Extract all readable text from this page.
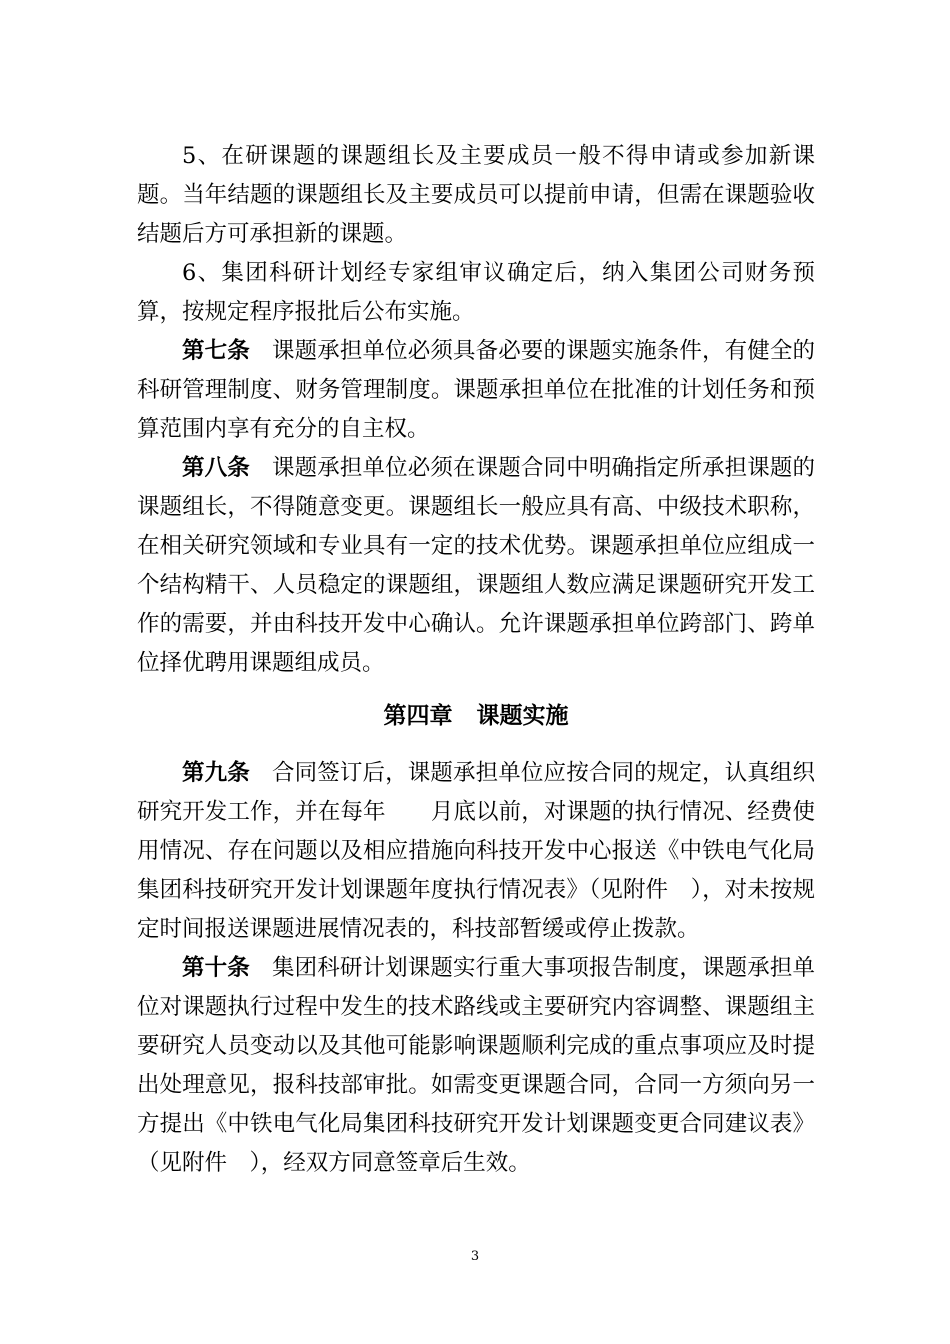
5、在研课题的课题组长及主要成员一般不得申请或参加新课题。当年结题的课题组长及主要成员可以提前申请，但需在课题验收结题后方可承担新的课题。

6、集团科研计划经专家组审议确定后，纳入集团公司财务预算，按规定程序报批后公布实施。

第七条 课题承担单位必须具备必要的课题实施条件，有健全的科研管理制度、财务管理制度。课题承担单位在批准的计划任务和预算范围内享有充分的自主权。

第八条 课题承担单位必须在课题合同中明确指定所承担课题的课题组长，不得随意变更。课题组长一般应具有高、中级技术职称，在相关研究领域和专业具有一定的技术优势。课题承担单位应组成一个结构精干、人员稳定的课题组，课题组人数应满足课题研究开发工作的需要，并由科技开发中心确认。允许课题承担单位跨部门、跨单位择优聘用课题组成员。

第四章 课题实施

第九条 合同签订后，课题承担单位应按合同的规定，认真组织研究开发工作，并在每年　　月底以前，对课题的执行情况、经费使用情况、存在问题以及相应措施向科技开发中心报送《中铁电气化局集团科技研究开发计划课题年度执行情况表》（见附件　），对未按规定时间报送课题进展情况表的，科技部暂缓或停止拨款。

第十条 集团科研计划课题实行重大事项报告制度，课题承担单位对课题执行过程中发生的技术路线或主要研究内容调整、课题组主要研究人员变动以及其他可能影响课题顺利完成的重点事项应及时提出处理意见，报科技部审批。如需变更课题合同，合同一方须向另一方提出《中铁电气化局集团科技研究开发计划课题变更合同建议表》（见附件　），经双方同意签章后生效。

3
